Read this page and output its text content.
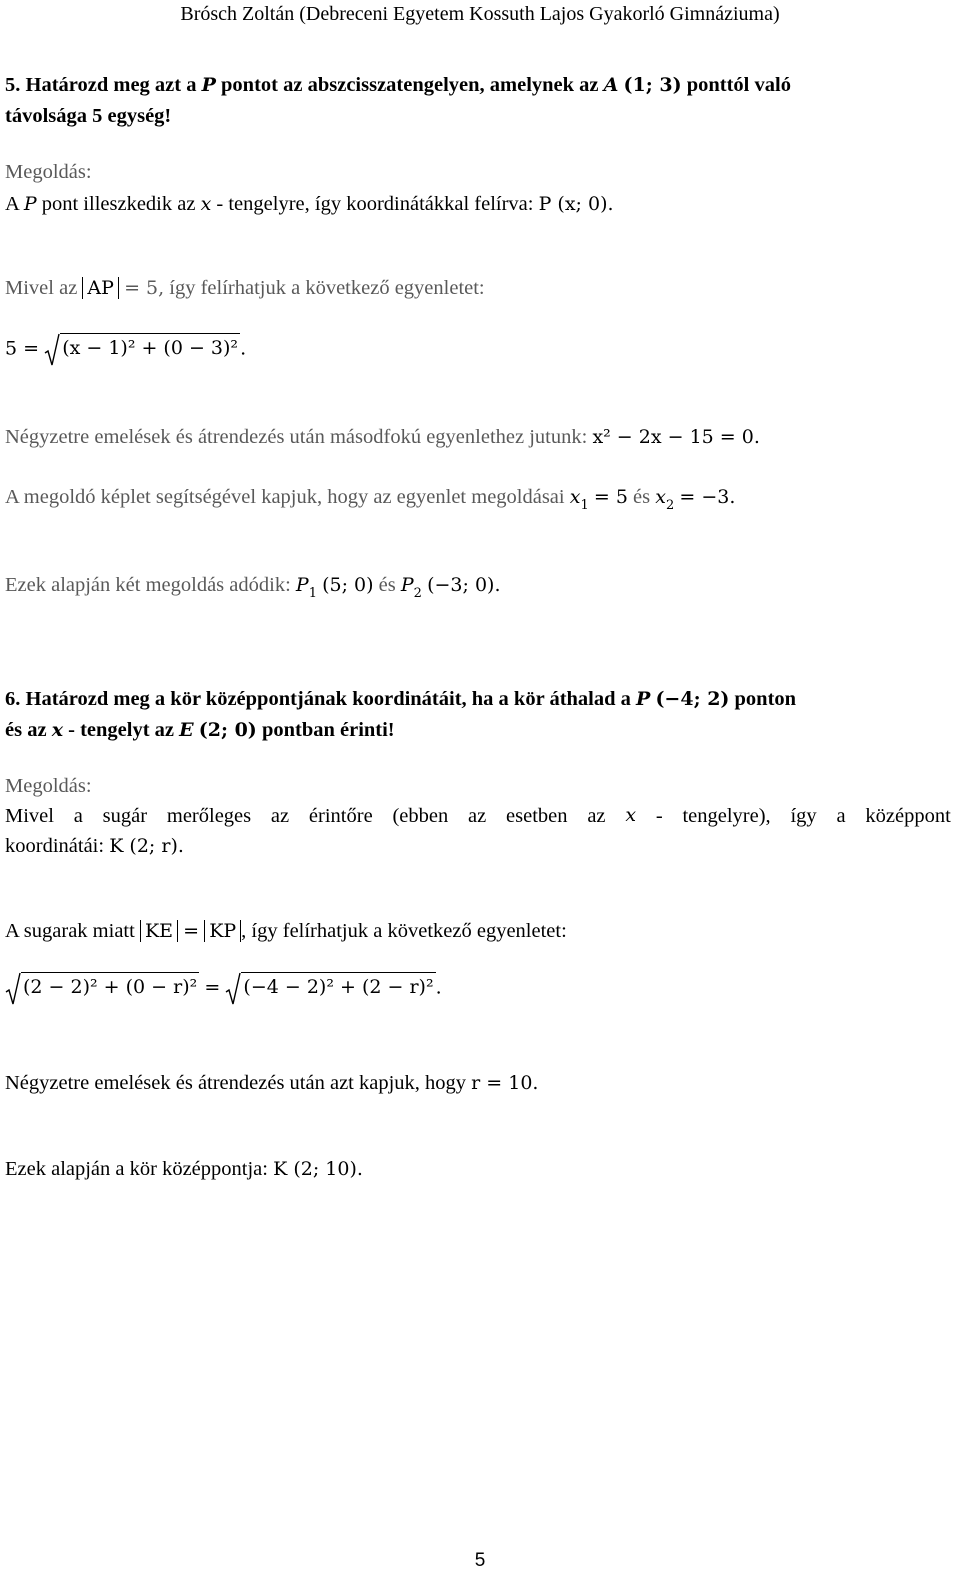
Brósch Zoltán (Debreceni Egyetem Kossuth Lajos Gyakorló Gimnáziuma)
5. Határozd meg azt a P pontot az abszcisszatengelyen, amelynek az A (1; 3) ponttól való
távolsága 5 egység!
Megoldás:
A P pont illeszkedik az x - tengelyre, így koordinátákkal felírva: P (x; 0).
Mivel az AP = 5, így felírhatjuk a következő egyenletet:
5 = (x − 1)² + (0 − 3)² .
Négyzetre emelések és átrendezés után másodfokú egyenlethez jutunk: x² − 2x − 15 = 0.
A megoldó képlet segítségével kapjuk, hogy az egyenlet megoldásai $x_1 = 5$ és $x_2 = -3$.
Ezek alapján két megoldás adódik: $P_1$ (5; 0) és $P_2$ (−3; 0).
6. Határozd meg a kör középpontjának koordinátáit, ha a kör áthalad a P (−4; 2) ponton
és az x - tengelyt az E (2; 0) pontban érinti!
Megoldás:
Mivel a sugár merőleges az érintőre (ebben az esetben az x - tengelyre), így a középpont
koordinátái: K (2; r).
A sugarak miatt KE = KP , így felírhatjuk a következő egyenletet:
(2 − 2)² + (0 − r)² = (−4 − 2)² + (2 − r)² .
Négyzetre emelések és átrendezés után azt kapjuk, hogy r = 10.
Ezek alapján a kör középpontja: K (2; 10).
5
